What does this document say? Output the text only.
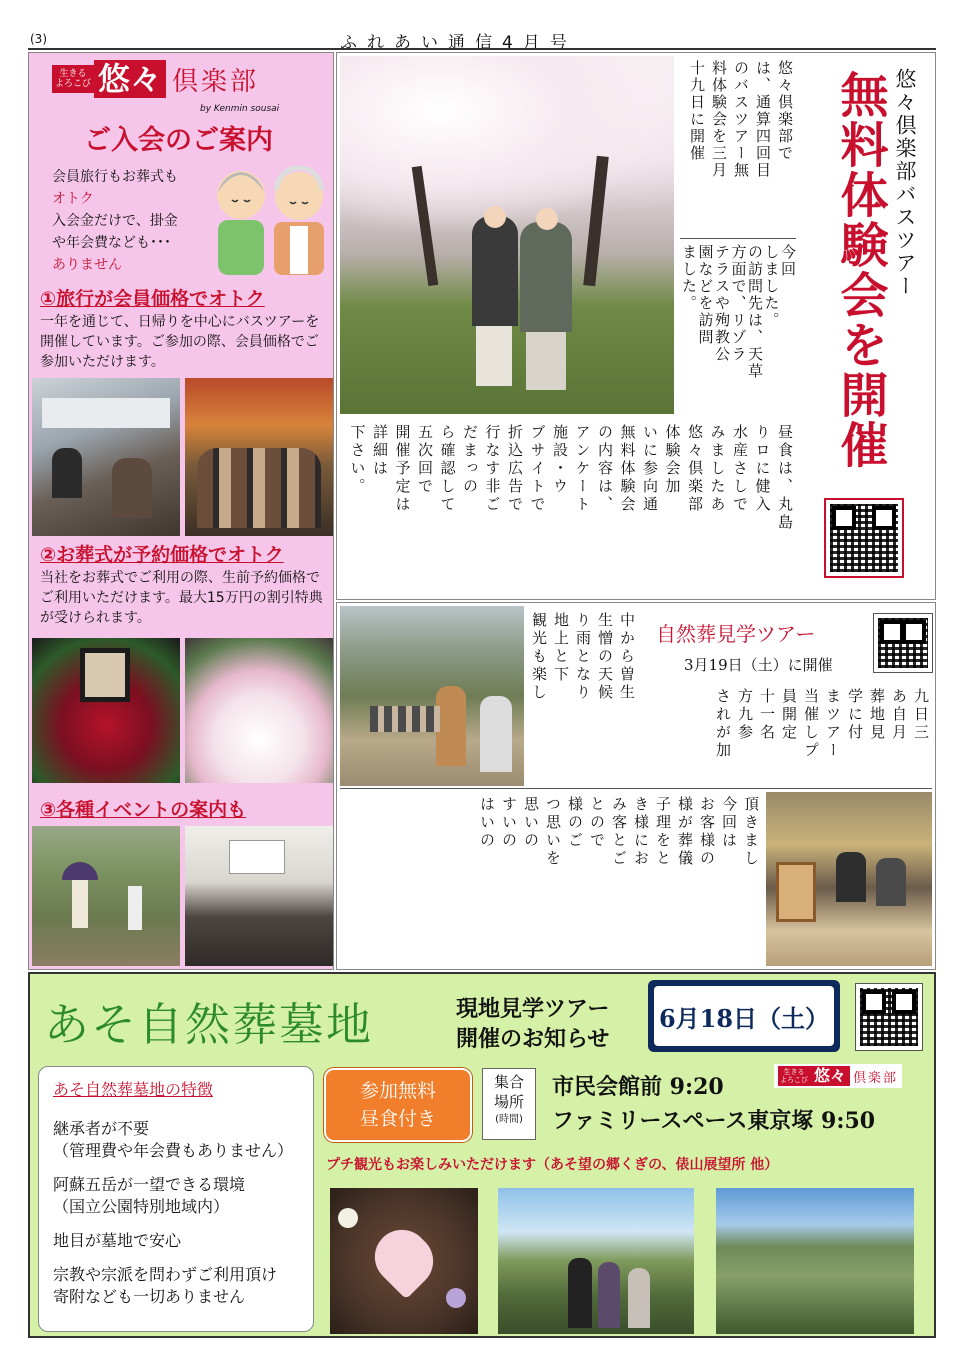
(3)	ふれあい通信4月号
生きる
よろこび 悠々 倶楽部
by Kenmin sousai
ご入会のご案内
会員旅行もお葬式も
オトク
入会金だけで、掛金
や年会費なども･･･
ありません
①旅行が会員価格でオトク
一年を通じて、日帰りを中心にバスツアーを開催しています。ご参加の際、会員価格でご参加いただけます。
②お葬式が予約価格でオトク
当社をお葬式でご利用の際、生前予約価格でご利用いただけます。最大15万円の割引特典が受けられます。
③各種イベントの案内も
悠々倶楽部で
は、通算四回目
のバスツアー無
料体験会を三月
十九日に開催
今回
しました。
の訪問先は、天草
方面で、リゾラ
テラスや殉教公
園などを訪問
ました。	悠々倶楽部バスツアー
無料体験会を開催
昼食は、丸島
りロに健入
水産さしで
みましたあ
悠々倶楽部
体験会加
いに参向通
無料体験会
の内容は、
アンケート
施設・ウ
ブサイトで
折込広告で
行なす非ご
だまっの
ら確認して
五次回で
開催予定は
詳細は
下さい。
中から曽生
生憎の天候
り雨となり
地上と下
観光も楽し	自然葬見学ツアー
3月19日（土）に開催
九日三
あ自月
葬地見
学に付
まツアー
当催しプ
員開定
十一名
方九参
されが加
頂きまし
今回は
お客様の
様が葬儀
子理をと
き様にお
み客とご
とので
様のご
つ思いを
思いの
すいの
はいの
あそ自然葬墓地	現地見学ツアー
開催のお知らせ
6月18日（土）
あそ自然葬墓地の特徴
継承者が不要
（管理費や年会費もありません）
阿蘇五岳が一望できる環境
（国立公園特別地域内）
地目が墓地で安心
宗教や宗派を問わずご利用頂け
寄附なども一切ありません
参加無料
昼食付き
集合
場所
(時間)
市民会館前 9:20
ファミリースペース東京塚 9:50
生きる
よろこび 悠々 倶楽部
プチ観光もお楽しみいただけます（あそ望の郷くぎの、俵山展望所 他）
